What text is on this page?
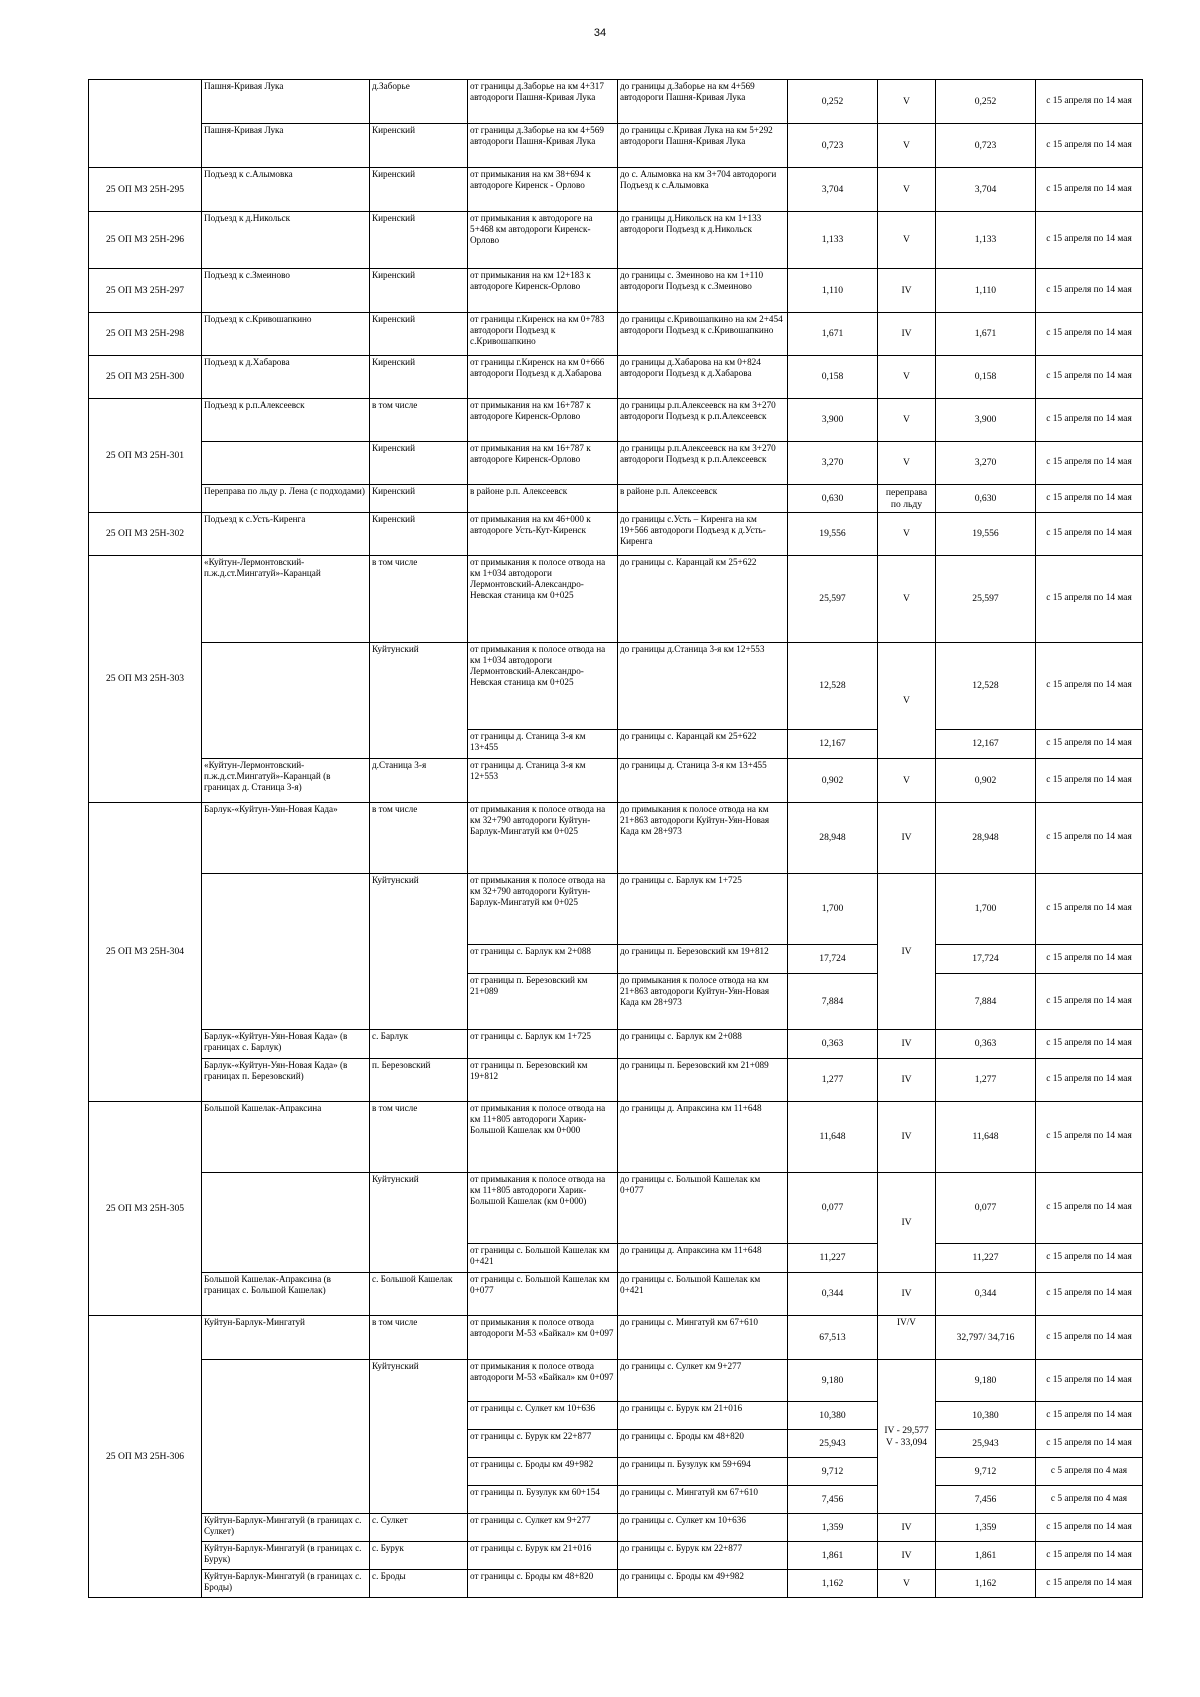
34
	Пашня-Кривая Лука	д.Заборье	от границы д.Заборье на км 4+317 автодороги Пашня-Кривая Лука	до границы д.Заборье на км 4+569 автодороги Пашня-Кривая Лука	0,252	V	0,252	с 15 апреля по 14 мая
	Пашня-Кривая Лука	Киренский	от границы д.Заборье на км 4+569 автодороги Пашня-Кривая Лука	до границы с.Кривая Лука на км 5+292 автодороги Пашня-Кривая Лука	0,723	V	0,723	с 15 апреля по 14 мая
25 ОП МЗ 25Н-295	Подъезд к с.Алымовка	Киренский	от примыкания на км 38+694 к автодороге Киренск - Орлово	до с. Алымовка на км 3+704 автодороги Подъезд к с.Алымовка	3,704	V	3,704	с 15 апреля по 14 мая
25 ОП МЗ 25Н-296	Подъезд к д.Никольск	Киренский	от примыкания к автодороге на 5+468 км автодороги Киренск-Орлово	до границы д.Никольск на км 1+133 автодороги Подъезд к д.Никольск	1,133	V	1,133	с 15 апреля по 14 мая
25 ОП МЗ 25Н-297	Подъезд к с.Змеиново	Киренский	от примыкания на км 12+183 к автодороге Киренск-Орлово	до границы с. Змеиново на км 1+110 автодороги Подъезд к с.Змеиново	1,110	IV	1,110	с 15 апреля по 14 мая
25 ОП МЗ 25Н-298	Подъезд к с.Кривошапкино	Киренский	от границы г.Киренск на км 0+783 автодороги Подъезд к с.Кривошапкино	до границы с.Кривошапкино на км 2+454 автодороги Подъезд к с.Кривошапкино	1,671	IV	1,671	с 15 апреля по 14 мая
25 ОП МЗ 25Н-300	Подъезд к д.Хабарова	Киренский	от границы г.Киренск на км 0+666 автодороги Подъезд к д.Хабарова	до границы д.Хабарова на км 0+824 автодороги Подъезд к д.Хабарова	0,158	V	0,158	с 15 апреля по 14 мая
25 ОП МЗ 25Н-301	Подъезд к р.п.Алексеевск	в том числе	от примыкания на км 16+787 к автодороге Киренск-Орлово	до границы р.п.Алексеевск на км 3+270 автодороги Подъезд к р.п.Алексеевск	3,900	V	3,900	с 15 апреля по 14 мая
		Киренский	от примыкания на км 16+787 к автодороге Киренск-Орлово	до границы р.п.Алексеевск на км 3+270 автодороги Подъезд к р.п.Алексеевск	3,270	V	3,270	с 15 апреля по 14 мая
	Переправа по льду р. Лена (с подходами)	Киренский	в районе р.п. Алексеевск	в районе р.п. Алексеевск	0,630	переправа по льду	0,630	с 15 апреля по 14 мая
25 ОП МЗ 25Н-302	Подъезд к с.Усть-Киренга	Киренский	от примыкания на км 46+000 к автодороге Усть-Кут-Киренск	до границы с.Усть – Киренга на км 19+566 автодороги Подъезд к д.Усть-Киренга	19,556	V	19,556	с 15 апреля по 14 мая
25 ОП МЗ 25Н-303	«Куйтун-Лермонтовский-п.ж.д.ст.Мингатуй»-Каранцай	в том числе	от примыкания к полосе отвода на км 1+034 автодороги Лермонтовский-Александро-Невская станица км 0+025	до границы с. Каранцай км 25+622	25,597	V	25,597	с 15 апреля по 14 мая
		Куйтунский	от примыкания к полосе отвода на км 1+034 автодороги Лермонтовский-Александро-Невская станица км 0+025	до границы д.Станица 3-я км 12+553	12,528	V	12,528	с 15 апреля по 14 мая
			от границы д. Станица 3-я км 13+455	до границы с. Каранцай км 25+622	12,167		12,167	с 15 апреля по 14 мая
	«Куйтун-Лермонтовский-п.ж.д.ст.Мингатуй»-Каранцай (в границах д. Станица 3-я)	д.Станица 3-я	от границы д. Станица 3-я км 12+553	до границы д. Станица 3-я км 13+455	0,902	V	0,902	с 15 апреля по 14 мая
25 ОП МЗ 25Н-304	Барлук-«Куйтун-Уян-Новая Када»	в том числе	от примыкания к полосе отвода на км 32+790 автодороги Куйтун-Барлук-Мингатуй км 0+025	до примыкания к полосе отвода на км 21+863 автодороги Куйтун-Уян-Новая Када км 28+973	28,948	IV	28,948	с 15 апреля по 14 мая
		Куйтунский	от примыкания к полосе отвода на км 32+790 автодороги Куйтун-Барлук-Мингатуй км 0+025	до границы с. Барлук км 1+725	1,700	IV	1,700	с 15 апреля по 14 мая
			от границы с. Барлук км 2+088	до границы п. Березовский км 19+812	17,724		17,724	с 15 апреля по 14 мая
			от границы п. Березовский км 21+089	до примыкания к полосе отвода на км 21+863 автодороги Куйтун-Уян-Новая Када км 28+973	7,884		7,884	с 15 апреля по 14 мая
	Барлук-«Куйтун-Уян-Новая Када» (в границах с. Барлук)	с. Барлук	от границы с. Барлук км 1+725	до границы с. Барлук км 2+088	0,363	IV	0,363	с 15 апреля по 14 мая
	Барлук-«Куйтун-Уян-Новая Када» (в границах п. Березовский)	п. Березовский	от границы п. Березовский км 19+812	до границы п. Березовский км 21+089	1,277	IV	1,277	с 15 апреля по 14 мая
25 ОП МЗ 25Н-305	Большой Кашелак-Апраксина	в том числе	от примыкания к полосе отвода на км 11+805 автодороги Харик-Большой Кашелак км 0+000	до границы д. Апраксина км 11+648	11,648	IV	11,648	с 15 апреля по 14 мая
		Куйтунский	от примыкания к полосе отвода на км 11+805 автодороги Харик-Большой Кашелак (км 0+000)	до границы с. Большой Кашелак км 0+077	0,077	IV	0,077	с 15 апреля по 14 мая
			от границы с. Большой Кашелак км 0+421	до границы д. Апраксина км 11+648	11,227		11,227	с 15 апреля по 14 мая
	Большой Кашелак-Апраксина (в границах с. Большой Кашелак)	с. Большой Кашелак	от границы с. Большой Кашелак км 0+077	до границы с. Большой Кашелак км 0+421	0,344	IV	0,344	с 15 апреля по 14 мая
25 ОП МЗ 25Н-306	Куйтун-Барлук-Мингатуй	в том числе	от примыкания к полосе отвода автодороги М-53 «Байкал» км 0+097	до границы с. Мингатуй км 67+610	67,513	IV/V	32,797/ 34,716	с 15 апреля по 14 мая
		Куйтунский	от примыкания к полосе отвода автодороги М-53 «Байкал» км 0+097	до границы с. Сулкет км 9+277	9,180	IV - 29,577 V - 33,094	9,180	с 15 апреля по 14 мая
			от границы с. Сулкет км 10+636	до границы с. Бурук км 21+016	10,380		10,380	с 15 апреля по 14 мая
			от границы с. Бурук км 22+877	до границы с. Броды км 48+820	25,943		25,943	с 15 апреля по 14 мая
			от границы с. Броды км 49+982	до границы п. Бузулук км 59+694	9,712		9,712	с 5 апреля по 4 мая
			от границы п. Бузулук км 60+154	до границы с. Мингатуй км 67+610	7,456		7,456	с 5 апреля по 4 мая
	Куйтун-Барлук-Мингатуй (в границах с. Сулкет)	с. Сулкет	от границы с. Сулкет км 9+277	до границы с. Сулкет км 10+636	1,359	IV	1,359	с 15 апреля по 14 мая
	Куйтун-Барлук-Мингатуй (в границах с. Бурук)	с. Бурук	от границы с. Бурук км 21+016	до границы с. Бурук км 22+877	1,861	IV	1,861	с 15 апреля по 14 мая
	Куйтун-Барлук-Мингатуй (в границах с. Броды)	с. Броды	от границы с. Броды км 48+820	до границы с. Броды км 49+982	1,162	V	1,162	с 15 апреля по 14 мая
